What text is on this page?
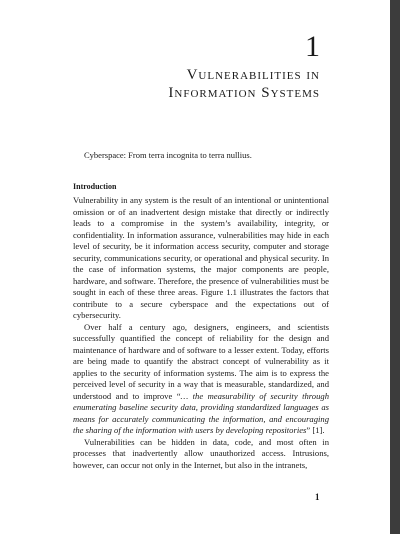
1
Vulnerabilities in
Information Systems
Cyberspace: From terra incognita to terra nullius.
Introduction

Vulnerability in any system is the result of an intentional or unintentional omission or of an inadvertent design mistake that directly or indirectly leads to a compromise in the system’s availability, integrity, or confidentiality. In information assurance, vulnerabilities may hide in each level of security, be it information access security, computer and storage security, communications security, or operational and physical security. In the case of information systems, the major components are people, hardware, and software. Therefore, the presence of vulnerabilities must be sought in each of these three areas. Figure 1.1 illustrates the factors that contribute to a secure cyberspace and the expectations out of cybersecurity.

Over half a century ago, designers, engineers, and scientists successfully quantified the concept of reliability for the design and maintenance of hardware and of software to a lesser extent. Today, efforts are being made to quantify the abstract concept of vulnerability as it applies to the security of information systems. The aim is to express the perceived level of security in a way that is measurable, standardized, and understood and to improve “… the measurability of security through enumerating baseline security data, providing standardized languages as means for accurately communicating the information, and encouraging the sharing of the information with users by developing repositories” [1].

Vulnerabilities can be hidden in data, code, and most often in processes that inadvertently allow unauthorized access. Intrusions, however, can occur not only in the Internet, but also in the intranets,

1
